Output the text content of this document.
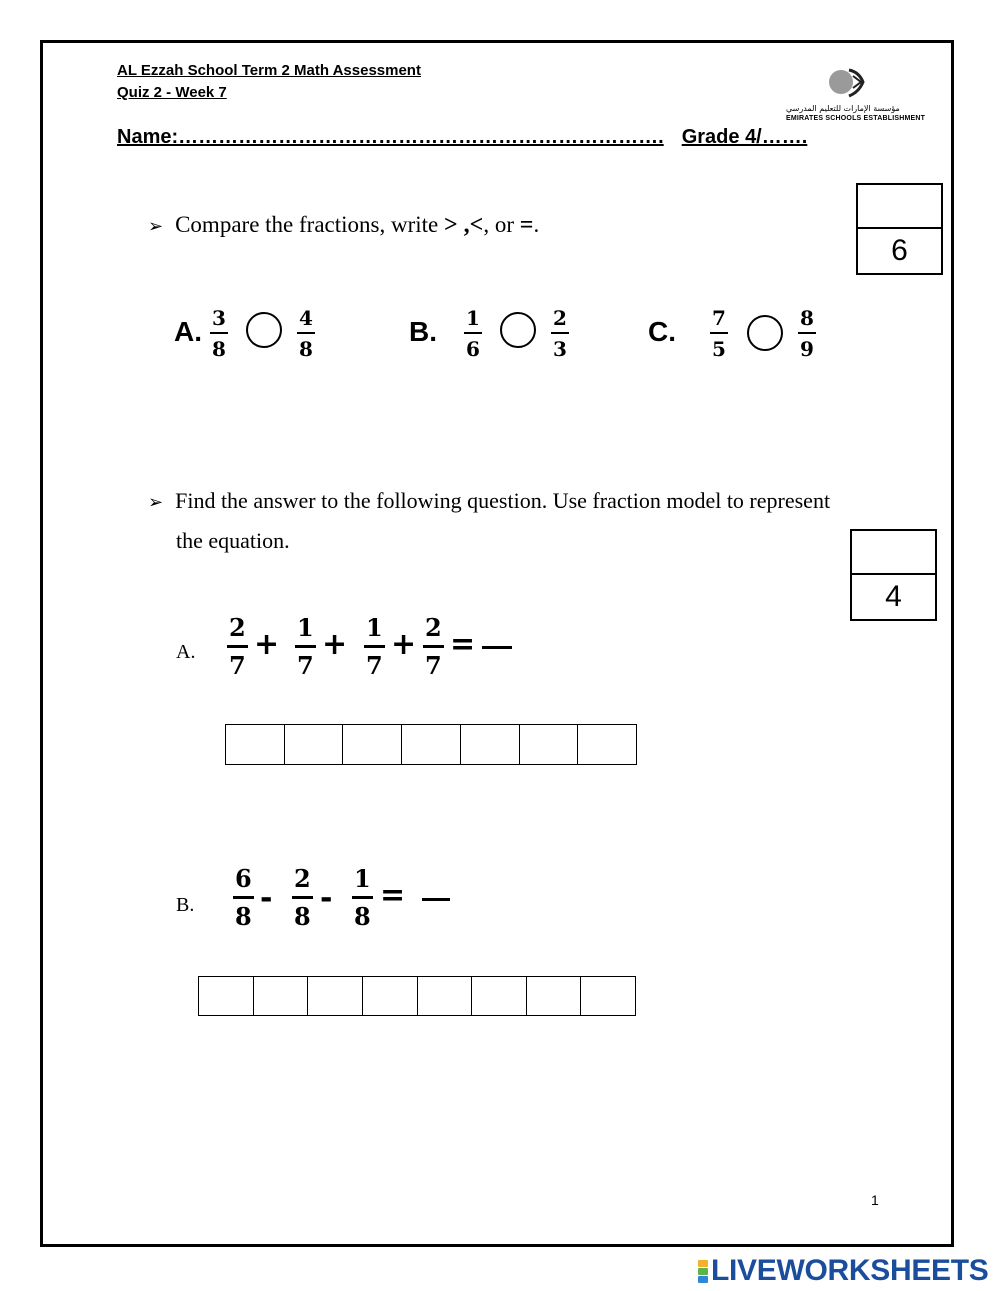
AL Ezzah School Term 2 Math Assessment
Quiz 2 - Week 7
مؤسسة الإمارات للتعليم المدرسي
EMIRATES SCHOOLS ESTABLISHMENT
Name:………………………………………………………………. Grade 4/…….
➢ Compare the fractions, write > ,<, or =.
6
A. 3
8
4
8
B. 1
6
2
3
C. 7
5
8
9
➢ Find the answer to the following question. Use fraction model to represent
the equation.
4
A.
2
7
+ 1
7
+ 1
7
+ 2
7
=
B.
6
8 -
2
8 -
1
8
=
1
LIVEWORKSHEETS
